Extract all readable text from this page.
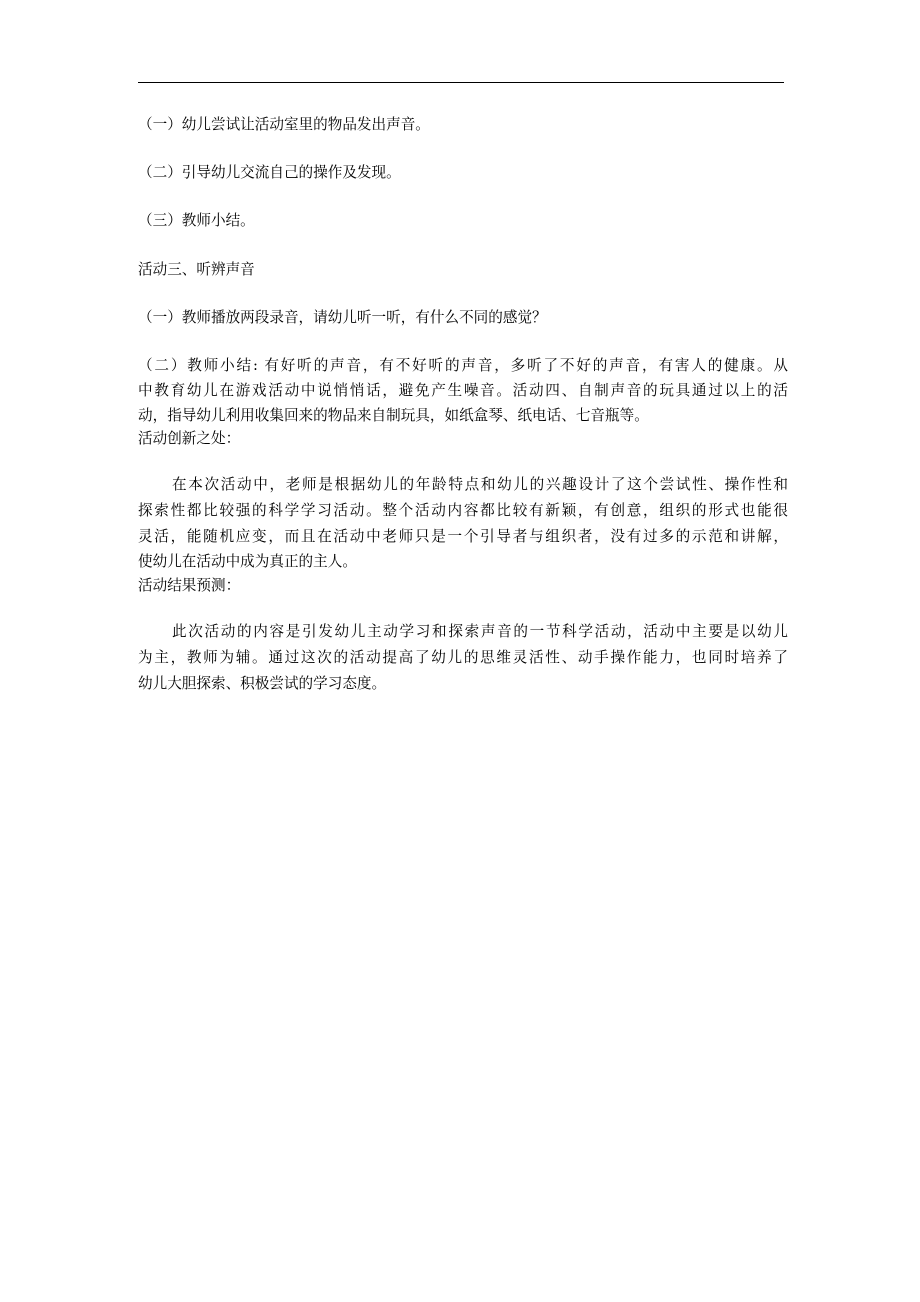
（一）幼儿尝试让活动室里的物品发出声音。
（二）引导幼儿交流自己的操作及发现。
（三）教师小结。
活动三、听辨声音
（一）教师播放两段录音，请幼儿听一听，有什么不同的感觉？
（二）教师小结: 有好听的声音，有不好听的声音，多听了不好的声音，有害人的健康。从
中教育幼儿在游戏活动中说悄悄话，避免产生噪音。活动四、自制声音的玩具通过以上的活
动，指导幼儿利用收集回来的物品来自制玩具，如纸盒琴、纸电话、七音瓶等。
活动创新之处：
在本次活动中，老师是根据幼儿的年龄特点和幼儿的兴趣设计了这个尝试性、操作性和
探索性都比较强的科学学习活动。整个活动内容都比较有新颖，有创意，组织的形式也能很
灵活，能随机应变，而且在活动中老师只是一个引导者与组织者，没有过多的示范和讲解，
使幼儿在活动中成为真正的主人。
活动结果预测：
此次活动的内容是引发幼儿主动学习和探索声音的一节科学活动，活动中主要是以幼儿
为主，教师为辅。通过这次的活动提高了幼儿的思维灵活性、动手操作能力，也同时培养了
幼儿大胆探索、积极尝试的学习态度。
